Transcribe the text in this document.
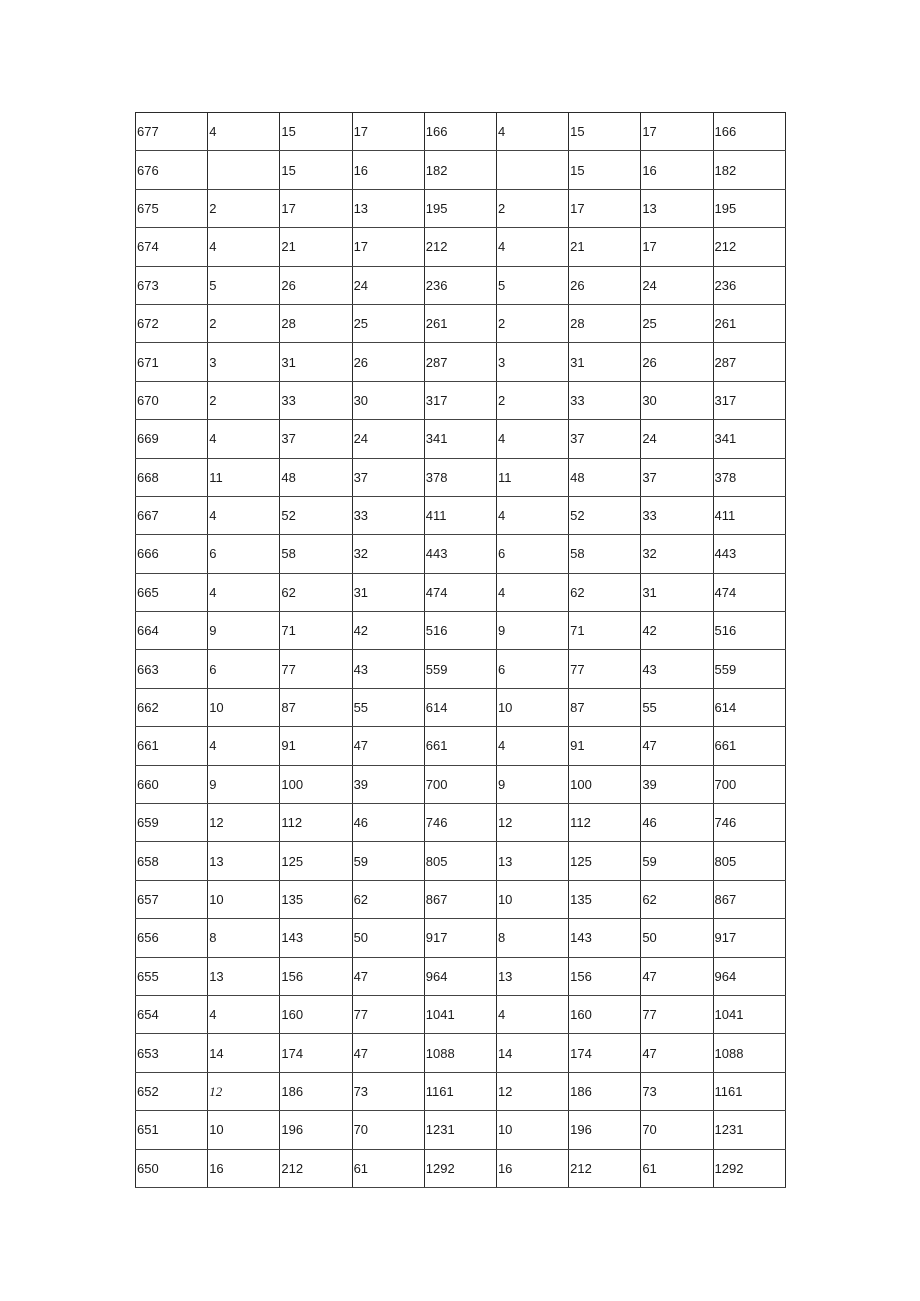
677	4	15	17	166	4	15	17	166
676		15	16	182		15	16	182
675	2	17	13	195	2	17	13	195
674	4	21	17	212	4	21	17	212
673	5	26	24	236	5	26	24	236
672	2	28	25	261	2	28	25	261
671	3	31	26	287	3	31	26	287
670	2	33	30	317	2	33	30	317
669	4	37	24	341	4	37	24	341
668	11	48	37	378	11	48	37	378
667	4	52	33	411	4	52	33	411
666	6	58	32	443	6	58	32	443
665	4	62	31	474	4	62	31	474
664	9	71	42	516	9	71	42	516
663	6	77	43	559	6	77	43	559
662	10	87	55	614	10	87	55	614
661	4	91	47	661	4	91	47	661
660	9	100	39	700	9	100	39	700
659	12	112	46	746	12	112	46	746
658	13	125	59	805	13	125	59	805
657	10	135	62	867	10	135	62	867
656	8	143	50	917	8	143	50	917
655	13	156	47	964	13	156	47	964
654	4	160	77	1041	4	160	77	1041
653	14	174	47	1088	14	174	47	1088
652	12	186	73	1161	12	186	73	1161
651	10	196	70	1231	10	196	70	1231
650	16	212	61	1292	16	212	61	1292
